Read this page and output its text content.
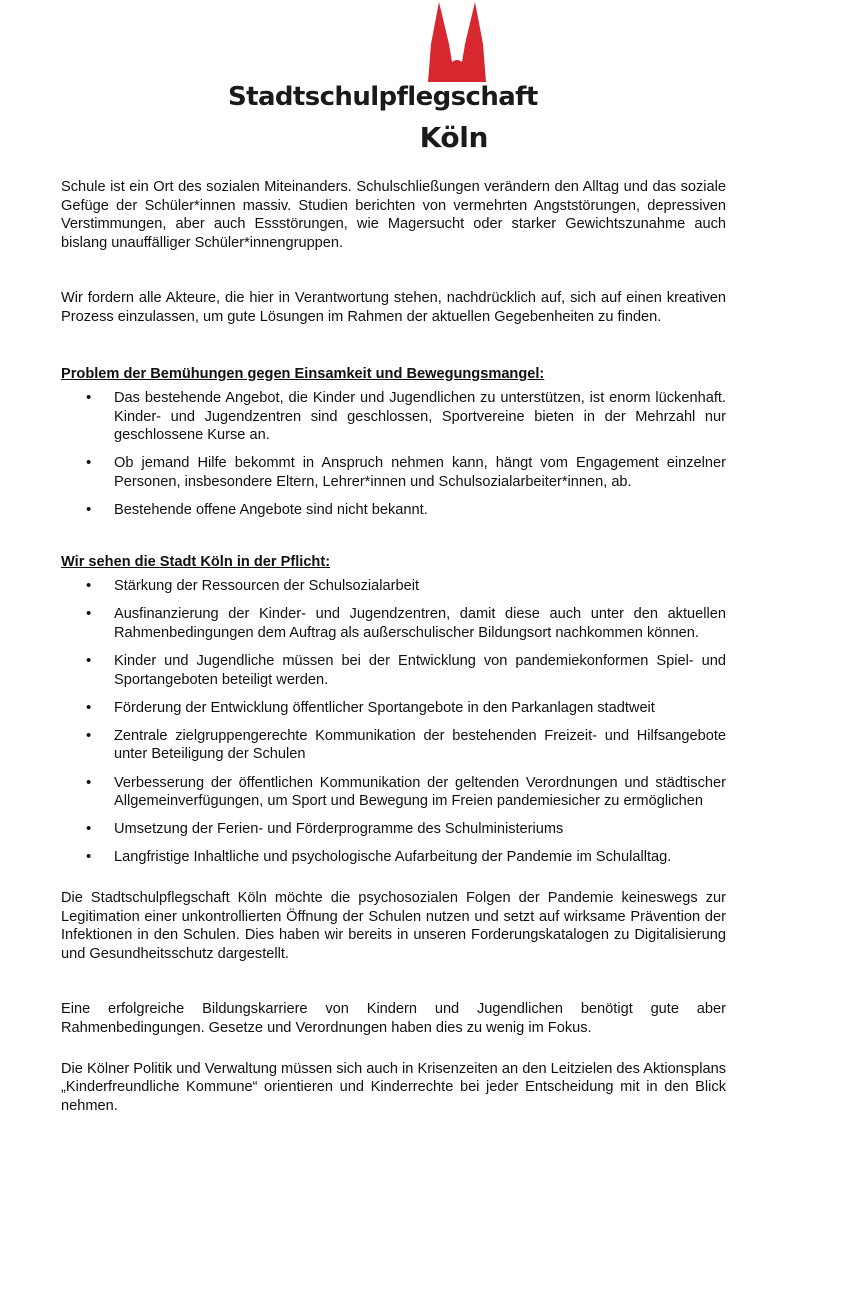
Stadtschulpflegschaft
Köln

Schule ist ein Ort des sozialen Miteinanders. Schulschließungen verändern den Alltag und das soziale Gefüge der Schüler*innen massiv. Studien berichten von vermehrten Angststörungen, depressiven Verstimmungen, aber auch Essstörungen, wie Magersucht oder starker Gewichtszunahme auch bislang unauffälliger Schüler*innengruppen.

Wir fordern alle Akteure, die hier in Verantwortung stehen, nachdrücklich auf, sich auf einen kreativen Prozess einzulassen, um gute Lösungen im Rahmen der aktuellen Gegebenheiten zu finden.

Problem der Bemühungen gegen Einsamkeit und Bewegungsmangel:

• Das bestehende Angebot, die Kinder und Jugendlichen zu unterstützen, ist enorm lückenhaft. Kinder- und Jugendzentren sind geschlossen, Sportvereine bieten in der Mehrzahl nur geschlossene Kurse an.
• Ob jemand Hilfe bekommt in Anspruch nehmen kann, hängt vom Engagement einzelner Personen, insbesondere Eltern, Lehrer*innen und Schulsozialarbeiter*innen, ab.
• Bestehende offene Angebote sind nicht bekannt.

Wir sehen die Stadt Köln in der Pflicht:

• Stärkung der Ressourcen der Schulsozialarbeit
• Ausfinanzierung der Kinder- und Jugendzentren, damit diese auch unter den aktuellen Rahmenbedingungen dem Auftrag als außerschulischer Bildungsort nachkommen können.
• Kinder und Jugendliche müssen bei der Entwicklung von pandemiekonformen Spiel- und Sportangeboten beteiligt werden.
• Förderung der Entwicklung öffentlicher Sportangebote in den Parkanlagen stadtweit
• Zentrale zielgruppengerechte Kommunikation der bestehenden Freizeit- und Hilfsangebote unter Beteiligung der Schulen
• Verbesserung der öffentlichen Kommunikation der geltenden Verordnungen und städtischer Allgemeinverfügungen, um Sport und Bewegung im Freien pandemiesicher zu ermöglichen
• Umsetzung der Ferien- und Förderprogramme des Schulministeriums
• Langfristige Inhaltliche und psychologische Aufarbeitung der Pandemie im Schulalltag.

Die Stadtschulpflegschaft Köln möchte die psychosozialen Folgen der Pandemie keineswegs zur Legitimation einer unkontrollierten Öffnung der Schulen nutzen und setzt auf wirksame Prävention der Infektionen in den Schulen. Dies haben wir bereits in unseren Forderungskatalogen zu Digitalisierung und Gesundheitsschutz dargestellt.

Eine erfolgreiche Bildungskarriere von Kindern und Jugendlichen benötigt gute aber Rahmenbedingungen. Gesetze und Verordnungen haben dies zu wenig im Fokus.

Die Kölner Politik und Verwaltung müssen sich auch in Krisenzeiten an den Leitzielen des Aktionsplans „Kinderfreundliche Kommune“ orientieren und Kinderrechte bei jeder Entscheidung mit in den Blick nehmen.
